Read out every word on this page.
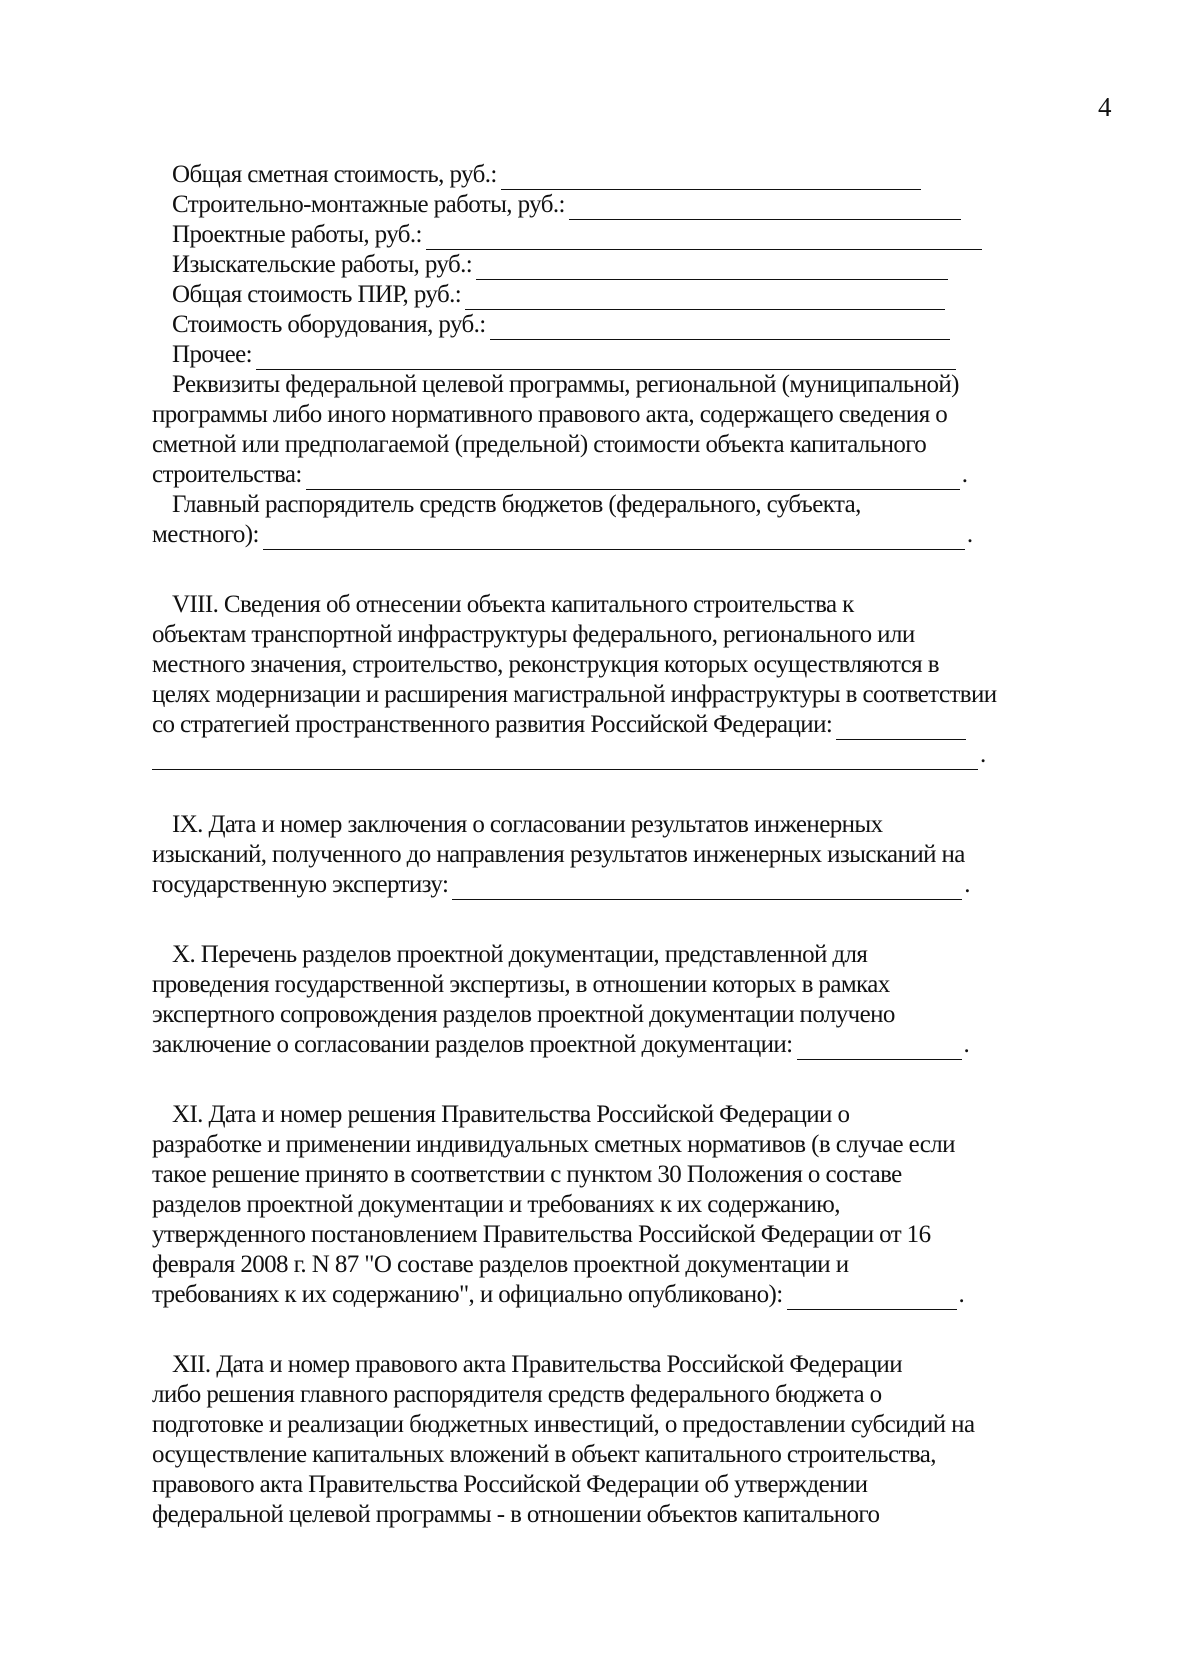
4
Общая сметная стоимость, руб.:
Строительно-монтажные работы, руб.:
Проектные работы, руб.:
Изыскательские работы, руб.:
Общая стоимость ПИР, руб.:
Стоимость оборудования, руб.:
Прочее:
Реквизиты федеральной целевой программы, региональной (муниципальной)
программы либо иного нормативного правового акта, содержащего сведения о
сметной или предполагаемой (предельной) стоимости объекта капитального
строительства:	.
Главный распорядитель средств бюджетов (федерального, субъекта,
местного):	.
VIII. Сведения об отнесении объекта капитального строительства к
объектам транспортной инфраструктуры федерального, регионального или
местного значения, строительство, реконструкция которых осуществляются в
целях модернизации и расширения магистральной инфраструктуры в соответствии
со стратегией пространственного развития Российской Федерации:
.
IX. Дата и номер заключения о согласовании результатов инженерных
изысканий, полученного до направления результатов инженерных изысканий на
государственную экспертизу:	.
X. Перечень разделов проектной документации, представленной для
проведения государственной экспертизы, в отношении которых в рамках
экспертного сопровождения разделов проектной документации получено
заключение о согласовании разделов проектной документации:	.
XI. Дата и номер решения Правительства Российской Федерации о
разработке и применении индивидуальных сметных нормативов (в случае если
такое решение принято в соответствии с пунктом 30 Положения о составе
разделов проектной документации и требованиях к их содержанию,
утвержденного постановлением Правительства Российской Федерации от 16
февраля 2008 г. N 87 "О составе разделов проектной документации и
требованиях к их содержанию", и официально опубликовано):	.
XII. Дата и номер правового акта Правительства Российской Федерации
либо решения главного распорядителя средств федерального бюджета о
подготовке и реализации бюджетных инвестиций, о предоставлении субсидий на
осуществление капитальных вложений в объект капитального строительства,
правового акта Правительства Российской Федерации об утверждении
федеральной целевой программы - в отношении объектов капитального
